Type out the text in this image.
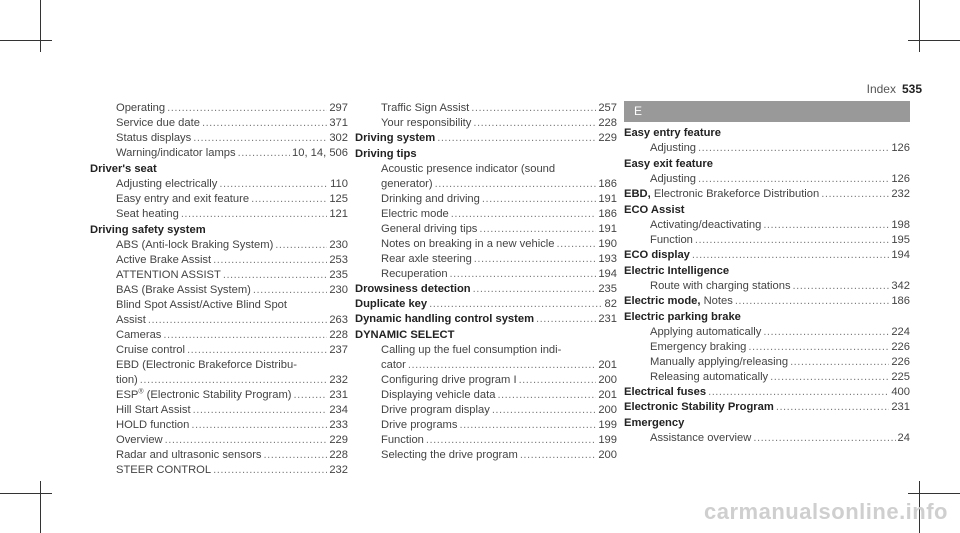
Index 535
Operating .....	297
Service due date .....	371
Status displays .....	302
Warning/indicator lamps .....	10, 14, 506
Driver's seat
Adjusting electrically .....	110
Easy entry and exit feature .....	125
Seat heating .....	121
Driving safety system
ABS (Anti-lock Braking System) .....	230
Active Brake Assist .....	253
ATTENTION ASSIST .....	235
BAS (Brake Assist System) .....	230
Blind Spot Assist/Active Blind Spot
Assist .....	263
Cameras .....	228
Cruise control .....	237
EBD (Electronic Brakeforce Distribu-
tion) .....	232
ESP® (Electronic Stability Program) .....	231
Hill Start Assist .....	234
HOLD function .....	233
Overview .....	229
Radar and ultrasonic sensors .....	228
STEER CONTROL .....	232
Traffic Sign Assist .....	257
Your responsibility .....	228
Driving system .....	229
Driving tips
Acoustic presence indicator (sound
generator) .....	186
Drinking and driving .....	191
Electric mode .....	186
General driving tips .....	191
Notes on breaking in a new vehicle .....	190
Rear axle steering .....	193
Recuperation .....	194
Drowsiness detection .....	235
Duplicate key .....	82
Dynamic handling control system .....	231
DYNAMIC SELECT
Calling up the fuel consumption indi-
cator .....	201
Configuring drive program I .....	200
Displaying vehicle data .....	201
Drive program display .....	200
Drive programs .....	199
Function .....	199
Selecting the drive program .....	200
E
Easy entry feature
Adjusting .....	126
Easy exit feature
Adjusting .....	126
EBD, Electronic Brakeforce Distribution .....	232
ECO Assist
Activating/deactivating .....	198
Function .....	195
ECO display .....	194
Electric Intelligence
Route with charging stations .....	342
Electric mode, Notes .....	186
Electric parking brake
Applying automatically .....	224
Emergency braking .....	226
Manually applying/releasing .....	226
Releasing automatically .....	225
Electrical fuses .....	400
Electronic Stability Program .....	231
Emergency
Assistance overview .....	24
carmanualsonline.info
